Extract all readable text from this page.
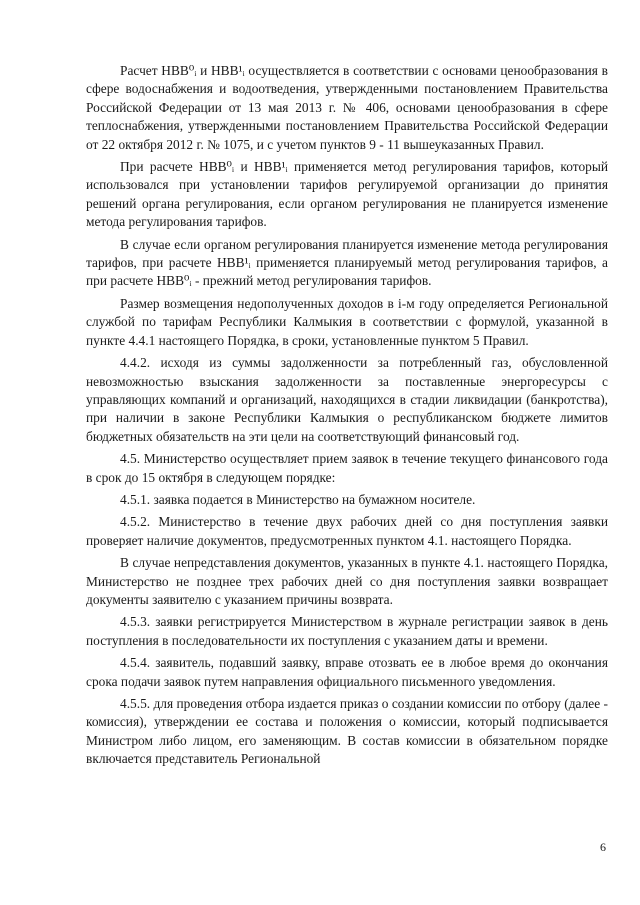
Расчет НВВ⁰ᵢ и НВВ¹ᵢ осуществляется в соответствии с основами ценообразования в сфере водоснабжения и водоотведения, утвержденными постановлением Правительства Российской Федерации от 13 мая 2013 г. № 406, основами ценообразования в сфере теплоснабжения, утвержденными постановлением Правительства Российской Федерации от 22 октября 2012 г. № 1075, и с учетом пунктов 9 - 11 вышеуказанных Правил.

При расчете НВВ⁰ᵢ и НВВ¹ᵢ применяется метод регулирования тарифов, который использовался при установлении тарифов регулируемой организации до принятия решений органа регулирования, если органом регулирования не планируется изменение метода регулирования тарифов.

В случае если органом регулирования планируется изменение метода регулирования тарифов, при расчете НВВ¹ᵢ применяется планируемый метод регулирования тарифов, а при расчете НВВ⁰ᵢ - прежний метод регулирования тарифов.

Размер возмещения недополученных доходов в i-м году определяется Региональной службой по тарифам Республики Калмыкия в соответствии с формулой, указанной в пункте 4.4.1 настоящего Порядка, в сроки, установленные пунктом 5 Правил.

4.4.2. исходя из суммы задолженности за потребленный газ, обусловленной невозможностью взыскания задолженности за поставленные энергоресурсы с управляющих компаний и организаций, находящихся в стадии ликвидации (банкротства), при наличии в законе Республики Калмыкия о республиканском бюджете лимитов бюджетных обязательств на эти цели на соответствующий финансовый год.

4.5. Министерство осуществляет прием заявок в течение текущего финансового года в срок до 15 октября в следующем порядке:

4.5.1. заявка подается в Министерство на бумажном носителе.

4.5.2. Министерство в течение двух рабочих дней со дня поступления заявки проверяет наличие документов, предусмотренных пунктом 4.1. настоящего Порядка.

В случае непредставления документов, указанных в пункте 4.1. настоящего Порядка, Министерство не позднее трех рабочих дней со дня поступления заявки возвращает документы заявителю с указанием причины возврата.

4.5.3. заявки регистрируется Министерством в журнале регистрации заявок в день поступления в последовательности их поступления с указанием даты и времени.

4.5.4. заявитель, подавший заявку, вправе отозвать ее в любое время до окончания срока подачи заявок путем направления официального письменного уведомления.

4.5.5. для проведения отбора издается приказ о создании комиссии по отбору (далее - комиссия), утверждении ее состава и положения о комиссии, который подписывается Министром либо лицом, его заменяющим. В состав комиссии в обязательном порядке включается представитель Региональной

6
